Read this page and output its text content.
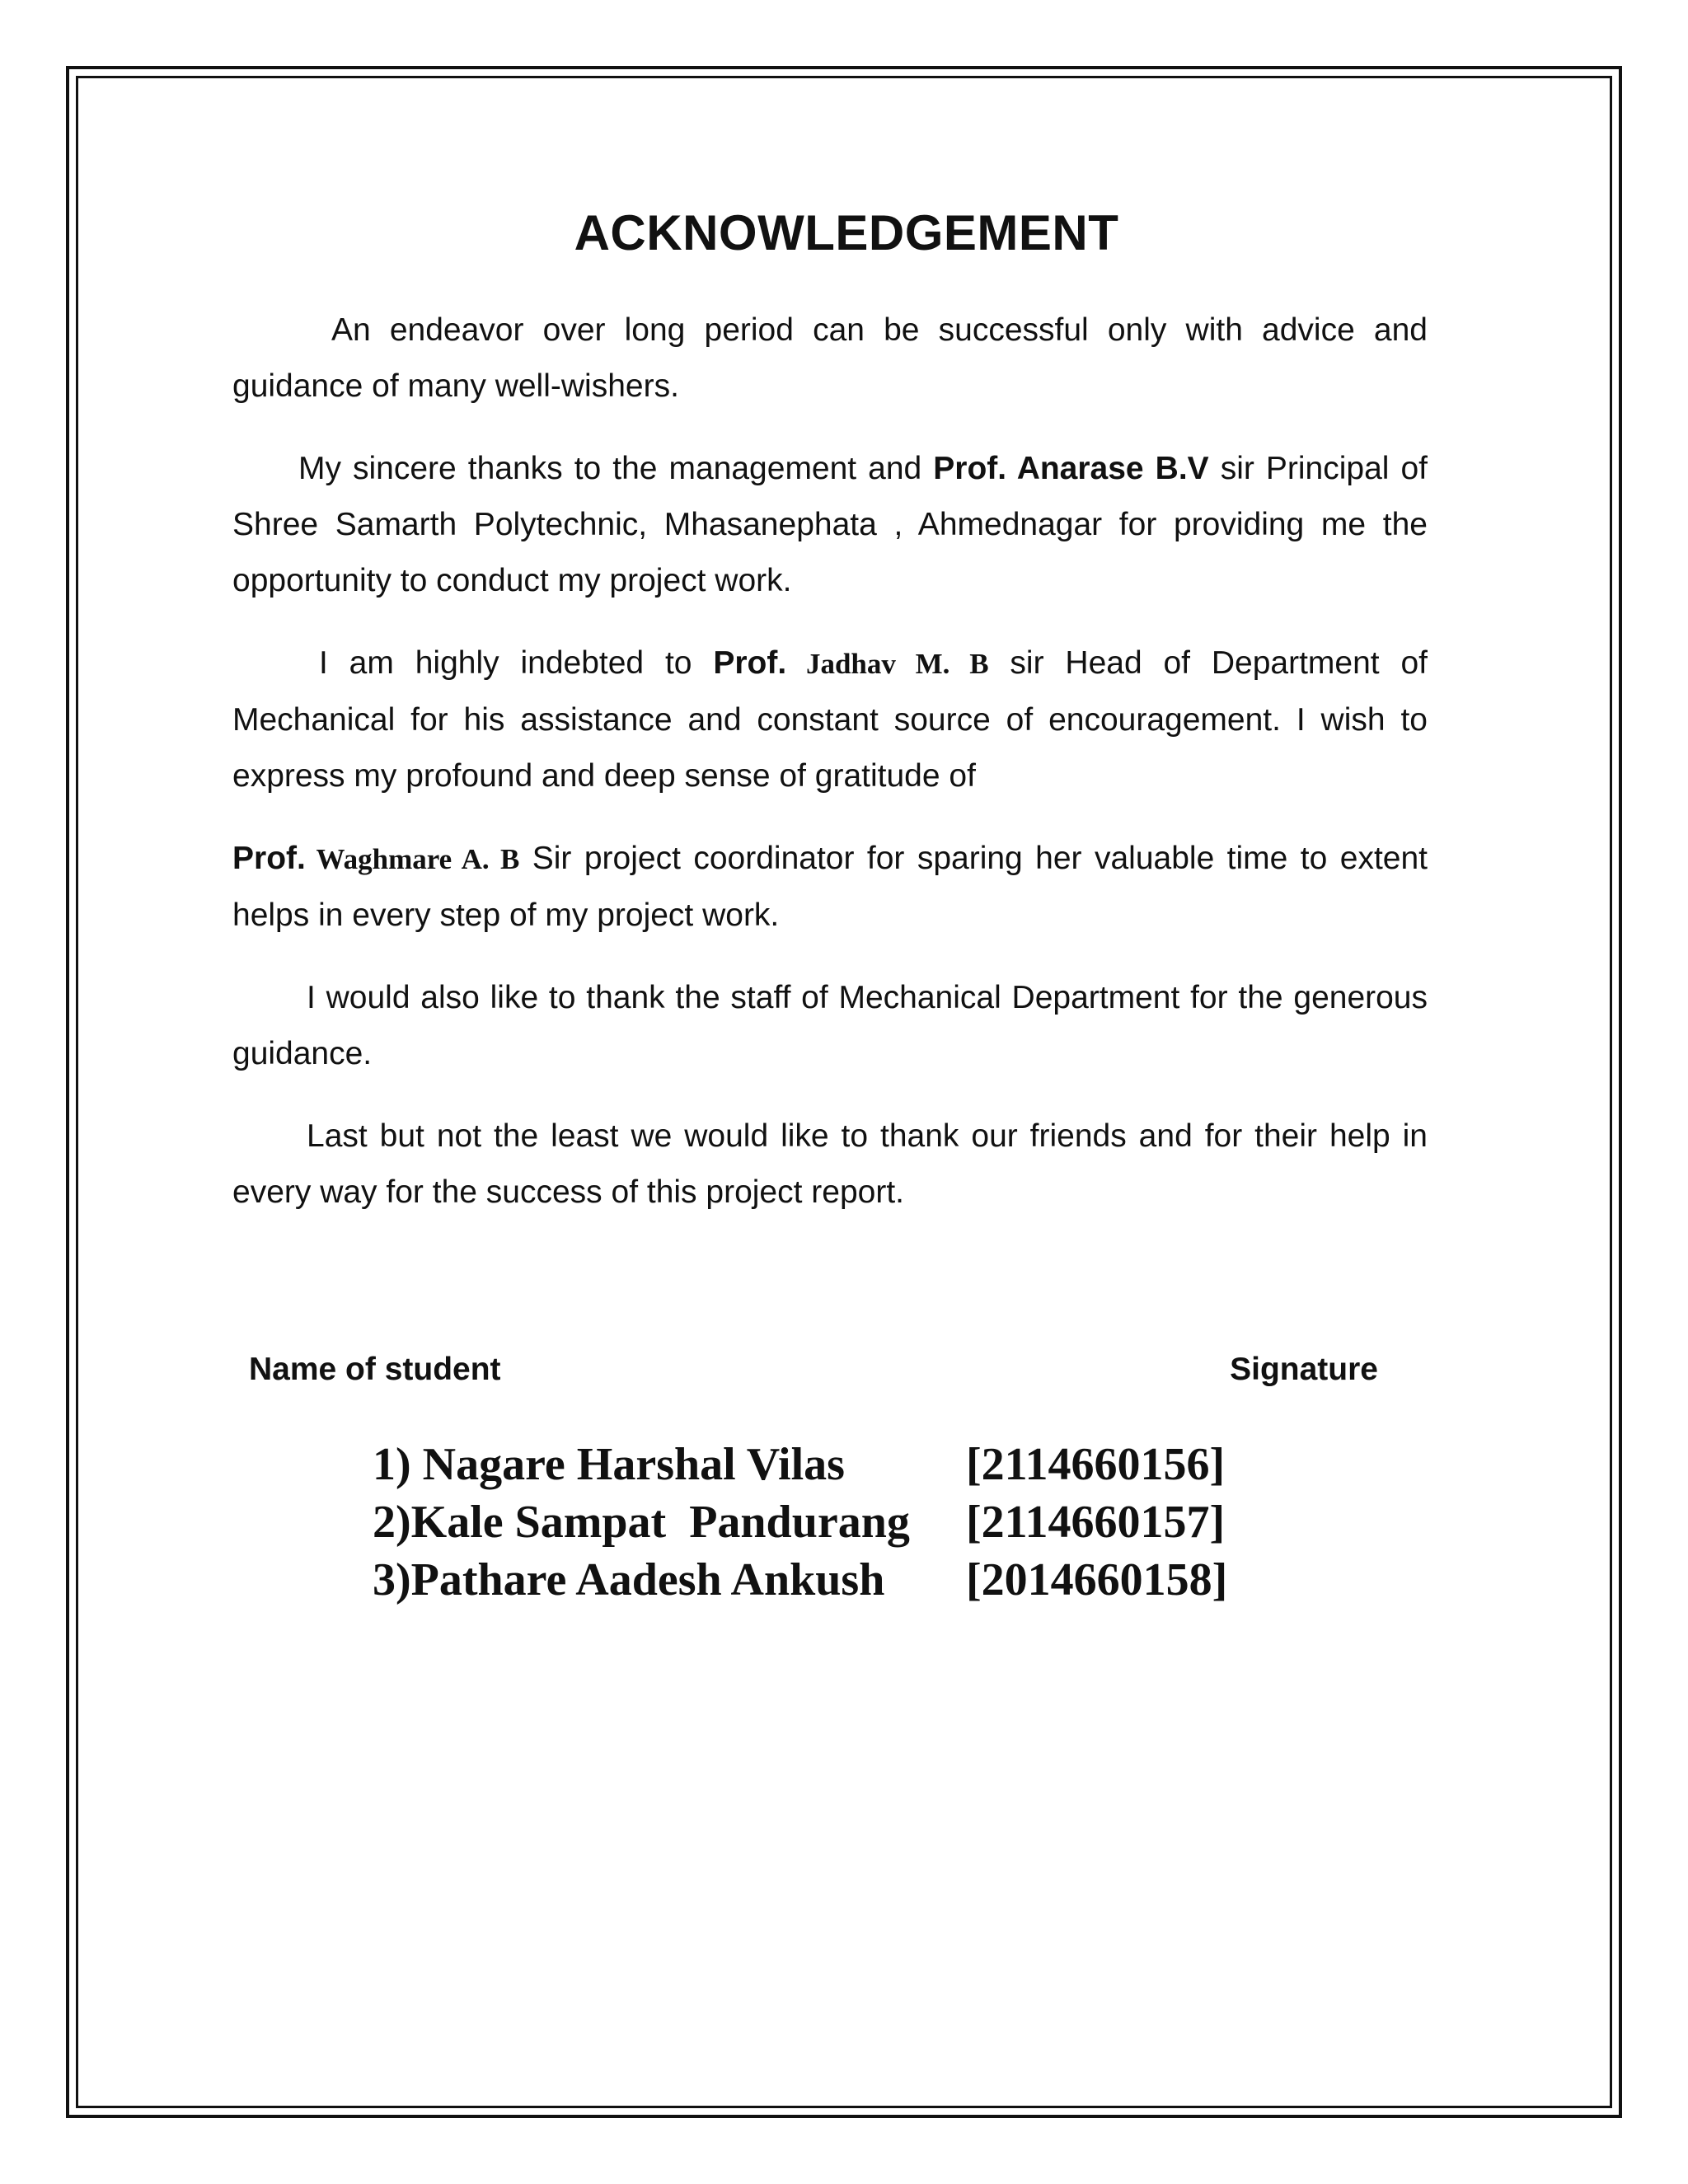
ACKNOWLEDGEMENT

An endeavor over long period can be successful only with advice and guidance of many well-wishers.

My sincere thanks to the management and Prof. Anarase B.V sir Principal of Shree Samarth Polytechnic, Mhasanephata , Ahmednagar for providing me the opportunity to conduct my project work.

I am highly indebted to Prof. Jadhav M. B sir Head of Department of Mechanical for his assistance and constant source of encouragement. I wish to express my profound and deep sense of gratitude of

Prof. Waghmare A. B Sir project coordinator for sparing her valuable time to extent helps in every step of my project work.

I would also like to thank the staff of Mechanical Department for the generous guidance.

Last but not the least we would like to thank our friends and for their help in every way for the success of this project report.

Name of student	Signature
1) Nagare Harshal Vilas	[2114660156]
2)Kale Sampat  Pandurang	[2114660157]
3)Pathare Aadesh Ankush	[2014660158]
